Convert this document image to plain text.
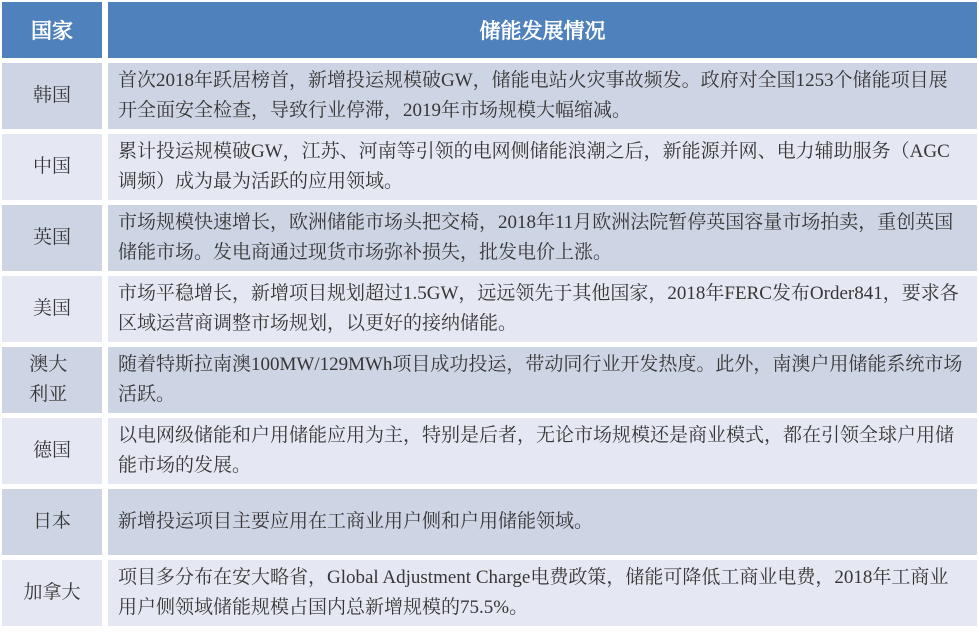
国家	储能发展情况
韩国	首次2018年跃居榜首，新增投运规模破GW，储能电站火灾事故频发。政府对全国1253个储能项目展开全面安全检查，导致行业停滞，2019年市场规模大幅缩减。
中国	累计投运规模破GW，江苏、河南等引领的电网侧储能浪潮之后，新能源并网、电力辅助服务（AGC调频）成为最为活跃的应用领域。
英国	市场规模快速增长，欧洲储能市场头把交椅，2018年11月欧洲法院暂停英国容量市场拍卖，重创英国储能市场。发电商通过现货市场弥补损失，批发电价上涨。
美国	市场平稳增长，新增项目规划超过1.5GW，远远领先于其他国家，2018年FERC发布Order841，要求各区域运营商调整市场规划，以更好的接纳储能。
澳大利亚	随着特斯拉南澳100MW/129MWh项目成功投运，带动同行业开发热度。此外，南澳户用储能系统市场活跃。
德国	以电网级储能和户用储能应用为主，特别是后者，无论市场规模还是商业模式，都在引领全球户用储能市场的发展。
日本	新增投运项目主要应用在工商业用户侧和户用储能领域。
加拿大	项目多分布在安大略省，Global Adjustment Charge电费政策，储能可降低工商业电费，2018年工商业用户侧领域储能规模占国内总新增规模的75.5%。
